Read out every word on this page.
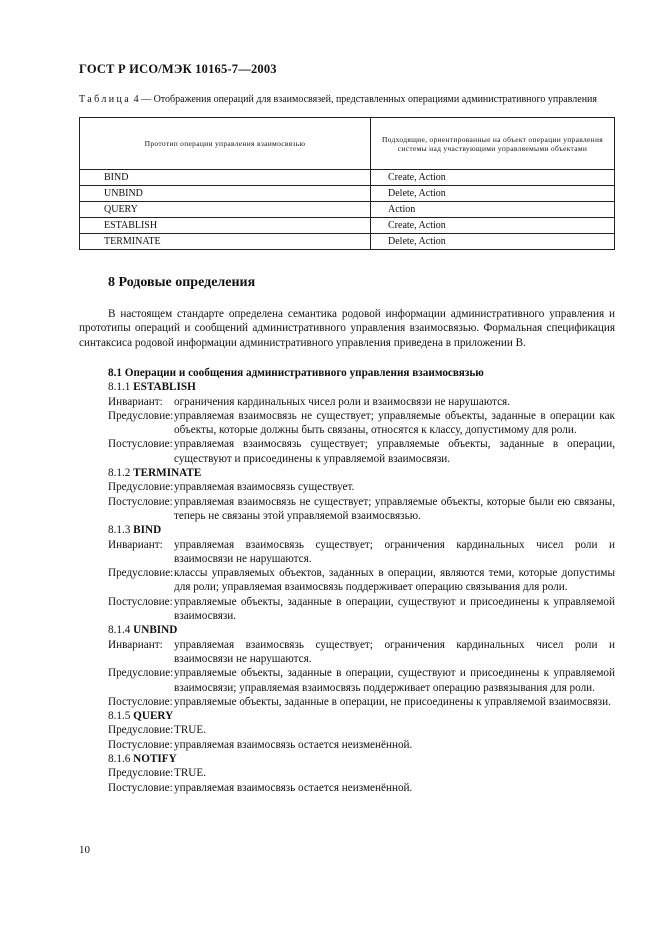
ГОСТ Р ИСО/МЭК 10165-7—2003
Таблица 4 — Отображения операций для взаимосвязей, представленных операциями административного управления
Прототип операции управления взаимосвязью	Подходящие, ориентированные на объект операции управления системы над участвующими управляемыми объектами
BIND	Create, Action
UNBIND	Delete, Action
QUERY	Action
ESTABLISH	Create, Action
TERMINATE	Delete, Action
8 Родовые определения

В настоящем стандарте определена семантика родовой информации административного управления и прототипы операций и сообщений административного управления взаимосвязью. Формальная спецификация синтаксиса родовой информации административного управления приведена в приложении В.

8.1 Операции и сообщения административного управления взаимосвязью
8.1.1 ESTABLISH
Инвариант:	ограничения кардинальных чисел роли и взаимосвязи не нарушаются.
Предусловие: управляемая взаимосвязь не существует; управляемые объекты, заданные в операции как объекты, которые должны быть связаны, относятся к классу, допустимому для роли.
Постусловие: управляемая взаимосвязь существует; управляемые объекты, заданные в операции, существуют и присоединены к управляемой взаимосвязи.
8.1.2 TERMINATE
Предусловие: управляемая взаимосвязь существует.
Постусловие: управляемая взаимосвязь не существует; управляемые объекты, которые были ею связаны, теперь не связаны этой управляемой взаимосвязью.
8.1.3 BIND
Инвариант:	управляемая взаимосвязь существует; ограничения кардинальных чисел роли и взаимосвязи не нарушаются.
Предусловие: классы управляемых объектов, заданных в операции, являются теми, которые допустимы для роли; управляемая взаимосвязь поддерживает операцию связывания для роли.
Постусловие: управляемые объекты, заданные в операции, существуют и присоединены к управляемой взаимосвязи.
8.1.4 UNBIND
Инвариант:	управляемая взаимосвязь существует; ограничения кардинальных чисел роли и взаимосвязи не нарушаются.
Предусловие: управляемые объекты, заданные в операции, существуют и присоединены к управляемой взаимосвязи; управляемая взаимосвязь поддерживает операцию развязывания для роли.
Постусловие: управляемые объекты, заданные в операции, не присоединены к управляемой взаимосвязи.
8.1.5 QUERY
Предусловие: TRUE.
Постусловие: управляемая взаимосвязь остается неизменённой.
8.1.6 NOTIFY
Предусловие: TRUE.
Постусловие: управляемая взаимосвязь остается неизменённой.
10
